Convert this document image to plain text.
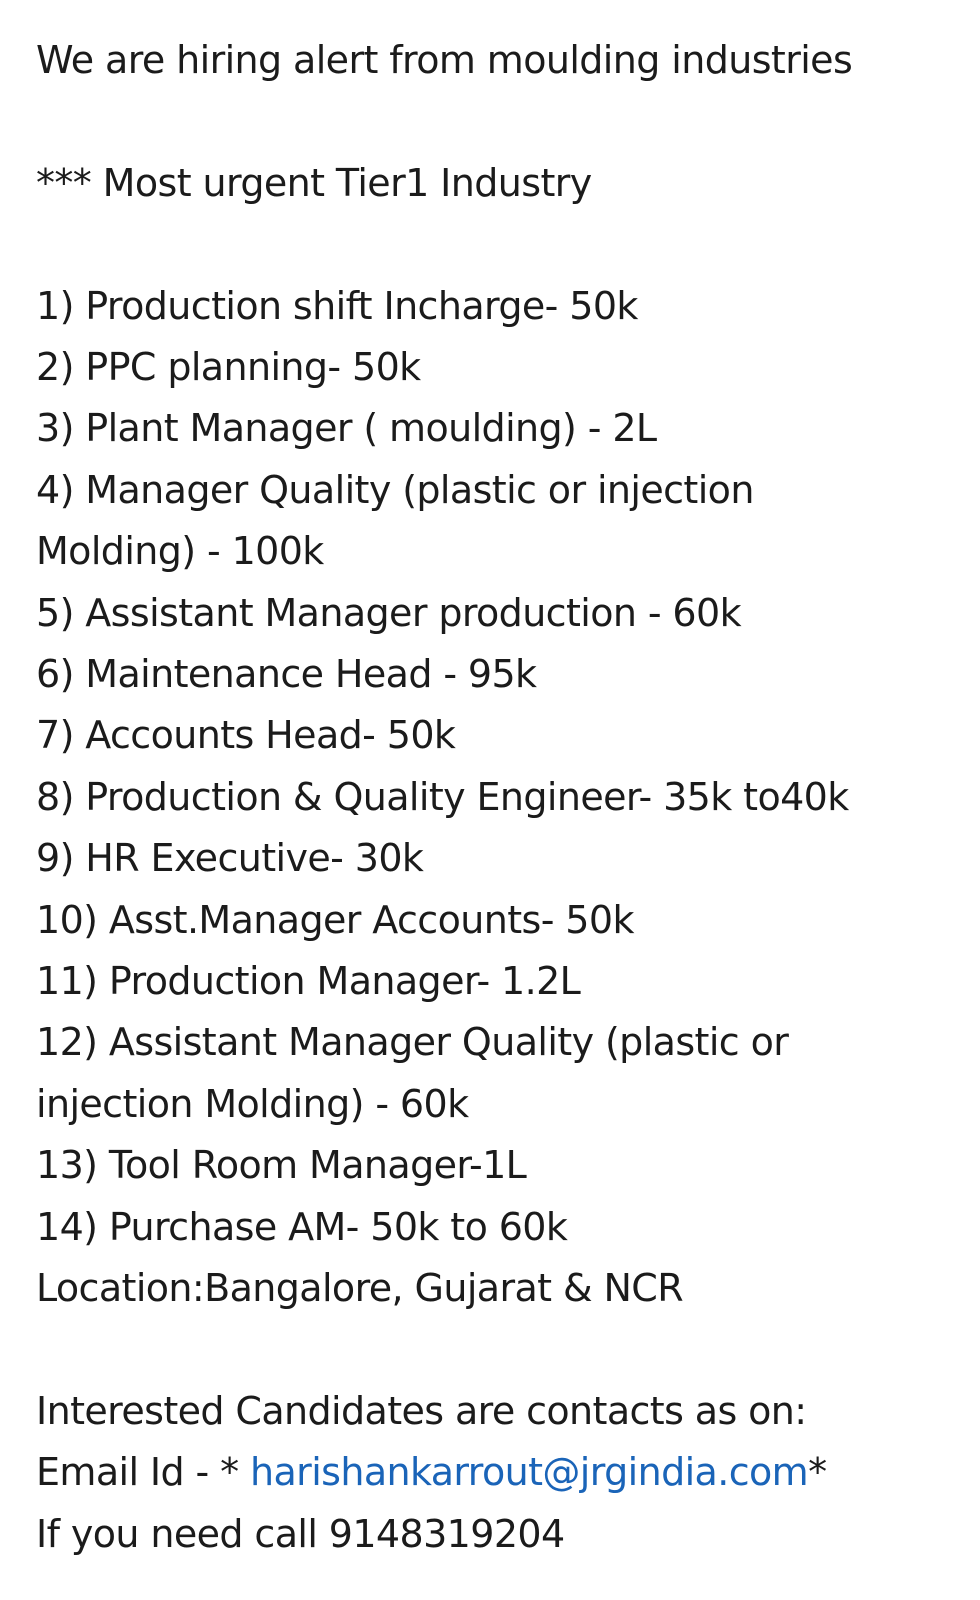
We are hiring alert from moulding industries
*** Most urgent Tier1 Industry
1) Production shift Incharge- 50k
2) PPC planning- 50k
3) Plant Manager ( moulding) - 2L
4) Manager Quality (plastic or injection Molding) - 100k
5) Assistant Manager production - 60k
6) Maintenance Head - 95k
7) Accounts Head- 50k
8) Production & Quality Engineer- 35k to40k
9) HR Executive- 30k
10) Asst.Manager Accounts- 50k
11) Production Manager- 1.2L
12) Assistant Manager Quality (plastic or injection Molding) - 60k
13) Tool Room Manager-1L
14) Purchase AM- 50k to 60k
Location:Bangalore, Gujarat & NCR
Interested Candidates are contacts as on:
Email Id - * harishankarrout@jrgindia.com*
If you need call 9148319204
